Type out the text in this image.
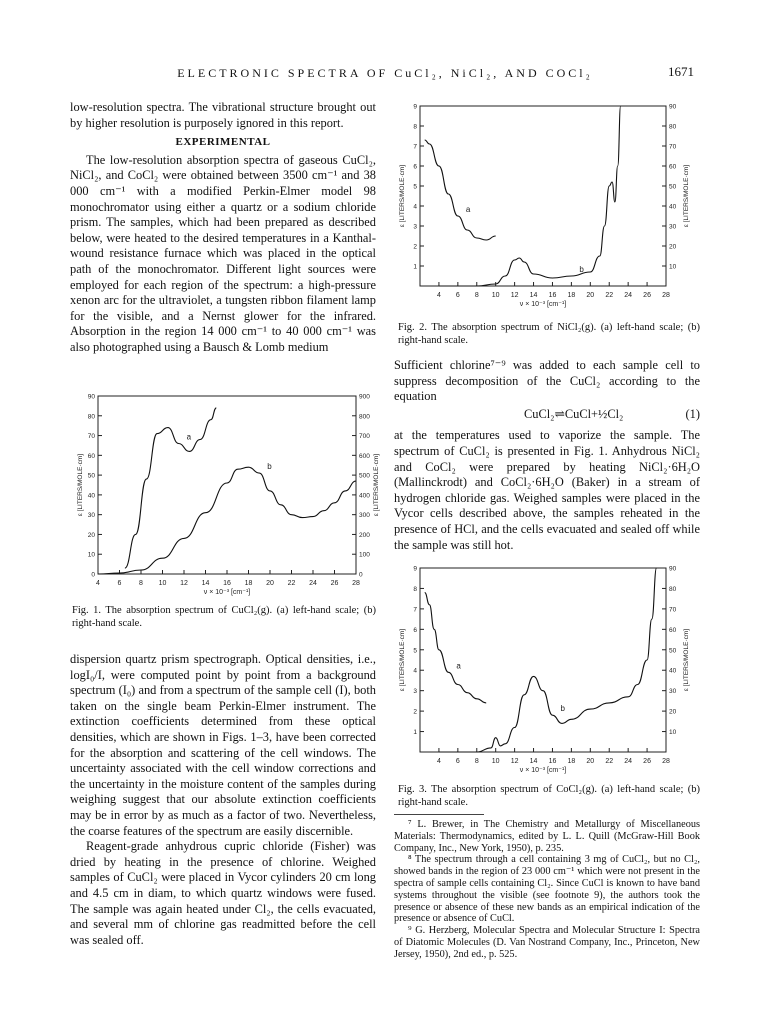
ELECTRONIC SPECTRA OF CuCl₂, NiCl₂, AND COCl₂	1671

low-resolution spectra. The vibrational structure brought out by higher resolution is purposely ignored in this report.

EXPERIMENTAL

The low-resolution absorption spectra of gaseous CuCl₂, NiCl₂, and CoCl₂ were obtained between 3500 cm⁻¹ and 38 000 cm⁻¹ with a modified Perkin-Elmer model 98 monochromator using either a quartz or a sodium chloride prism. The samples, which had been prepared as described below, were heated to the desired temperatures in a Kanthal-wound resistance furnace which was placed in the optical path of the monochromator. Different light sources were employed for each region of the spectrum: a high-pressure xenon arc for the ultraviolet, a tungsten ribbon filament lamp for the visible, and a Nernst glower for the infrared. Absorption in the region 14 000 cm⁻¹ to 40 000 cm⁻¹ was also photographed using a Bausch & Lomb medium

4	6	8 10 12 14 16 18 20 22 24 26 28
0
10
20
30
40
50
60
70
80
90
0
100
200
300
400
500
600
700
800
900
ν × 10⁻³ [cm⁻¹]
ε [LITERS/MOLE·cm]	ε [LITERS/MOLE·cm]
a
b
Fig. 1. The absorption spectrum of CuCl₂(g). (a) left-hand scale; (b) right-hand scale.

dispersion quartz prism spectrograph. Optical densities, i.e., logI₀/I, were computed point by point from a background spectrum (I₀) and from a spectrum of the sample cell (I), both taken on the single beam Perkin-Elmer instrument. The extinction coefficients determined from these optical densities, which are shown in Figs. 1–3, have been corrected for the absorption and scattering of the cell windows. The uncertainty associated with the cell window corrections and the uncertainty in the moisture content of the samples during weighing suggest that our absolute extinction coefficients may be in error by as much as a factor of two. Nevertheless, the coarse features of the spectrum are easily discernible.

Reagent-grade anhydrous cupric chloride (Fisher) was dried by heating in the presence of chlorine. Weighed samples of CuCl₂ were placed in Vycor cylinders 20 cm long and 4.5 cm in diam, to which quartz windows were fused. The sample was again heated under Cl₂, the cells evacuated, and several mm of chlorine gas readmitted before the cell was sealed off.

4 6 8 10 12 14 16 18 20 22 24 26 28
1
2
3
4
5
6
7
8
9
10
20
30
40
50
60
70
80
90
ν × 10⁻³ [cm⁻¹]
ε [LITERS/MOLE·cm]	ε [LITERS/MOLE·cm]
a
b
Fig. 2. The absorption spectrum of NiCl₂(g). (a) left-hand scale; (b) right-hand scale.

Sufficient chlorine⁷⁻⁹ was added to each sample cell to suppress decomposition of the CuCl₂ according to the equation

CuCl₂⇌CuCl+½Cl₂	(1)

at the temperatures used to vaporize the sample. The spectrum of CuCl₂ is presented in Fig. 1. Anhydrous NiCl₂ and CoCl₂ were prepared by heating NiCl₂·6H₂O (Mallinckrodt) and CoCl₂·6H₂O (Baker) in a stream of hydrogen chloride gas. Weighed samples were placed in the Vycor cells described above, the samples reheated in the presence of HCl, and the cells evacuated and sealed off while the sample was still hot.

4 6 8 10 12 14 16 18 20 22 24 26 28
1
2
3
4
5
6
7
8
9
10
20
30
40
50
60
70
80
90
ν × 10⁻³ [cm⁻¹]
ε [LITERS/MOLE·cm]	ε [LITERS/MOLE·cm]
a
b
Fig. 3. The absorption spectrum of CoCl₂(g). (a) left-hand scale; (b) right-hand scale.

⁷ L. Brewer, in The Chemistry and Metallurgy of Miscellaneous Materials: Thermodynamics, edited by L. L. Quill (McGraw-Hill Book Company, Inc., New York, 1950), p. 235.

⁸ The spectrum through a cell containing 3 mg of CuCl₂, but no Cl₂, showed bands in the region of 23 000 cm⁻¹ which were not present in the spectra of sample cells containing Cl₂. Since CuCl is known to have band systems throughout the visible (see footnote 9), the authors took the presence or absence of these new bands as an empirical indication of the presence or absence of CuCl.

⁹ G. Herzberg, Molecular Spectra and Molecular Structure I: Spectra of Diatomic Molecules (D. Van Nostrand Company, Inc., Princeton, New Jersey, 1950), 2nd ed., p. 525.
